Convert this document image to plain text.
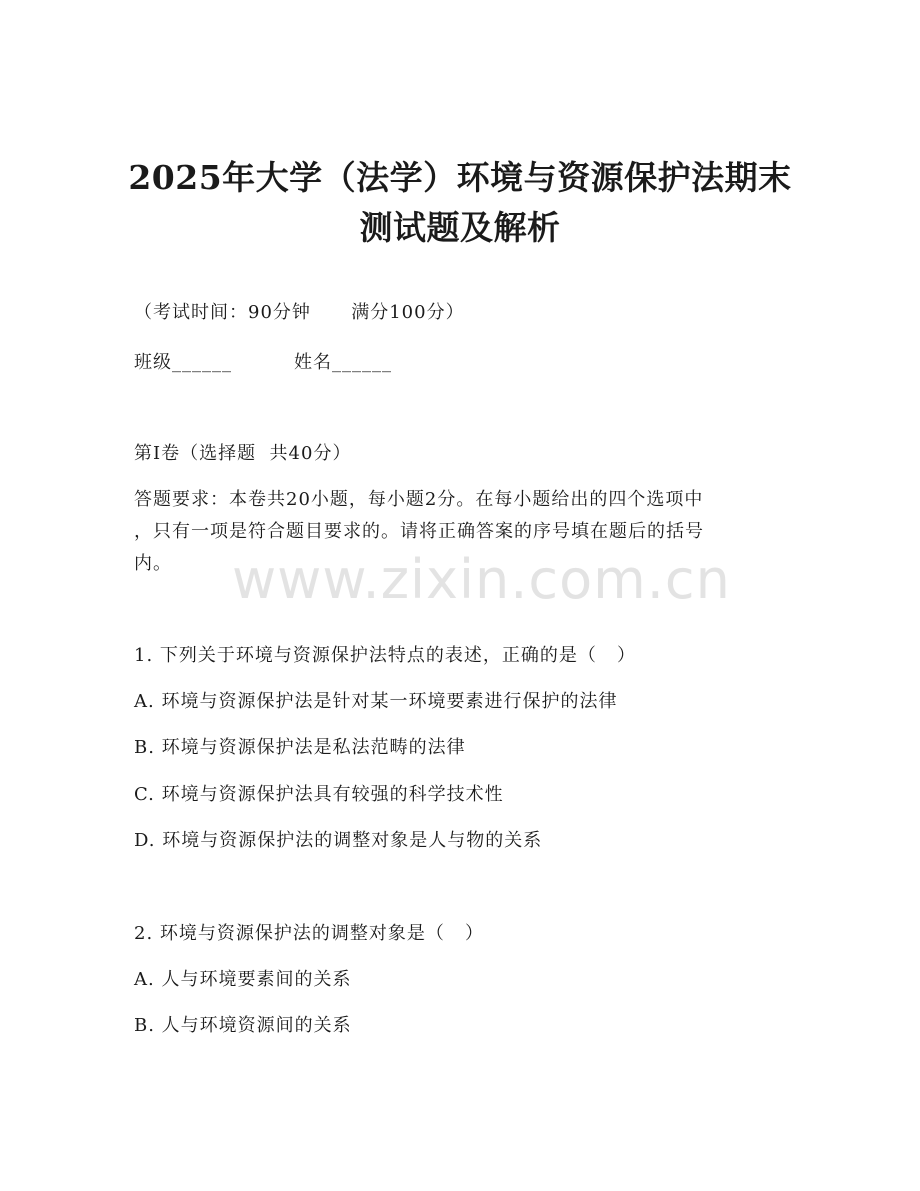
www.zixin.com.cn
2025年大学（法学）环境与资源保护法期末
测试题及解析
（考试时间：90分钟      满分100分）
班级______	姓名______
第I卷（选择题  共40分）
答题要求：本卷共20小题，每小题2分。在每小题给出的四个选项中
，只有一项是符合题目要求的。请将正确答案的序号填在题后的括号
内。
1. 下列关于环境与资源保护法特点的表述，正确的是（   ）
A. 环境与资源保护法是针对某一环境要素进行保护的法律
B. 环境与资源保护法是私法范畴的法律
C. 环境与资源保护法具有较强的科学技术性
D. 环境与资源保护法的调整对象是人与物的关系
2. 环境与资源保护法的调整对象是（   ）
A. 人与环境要素间的关系
B. 人与环境资源间的关系
